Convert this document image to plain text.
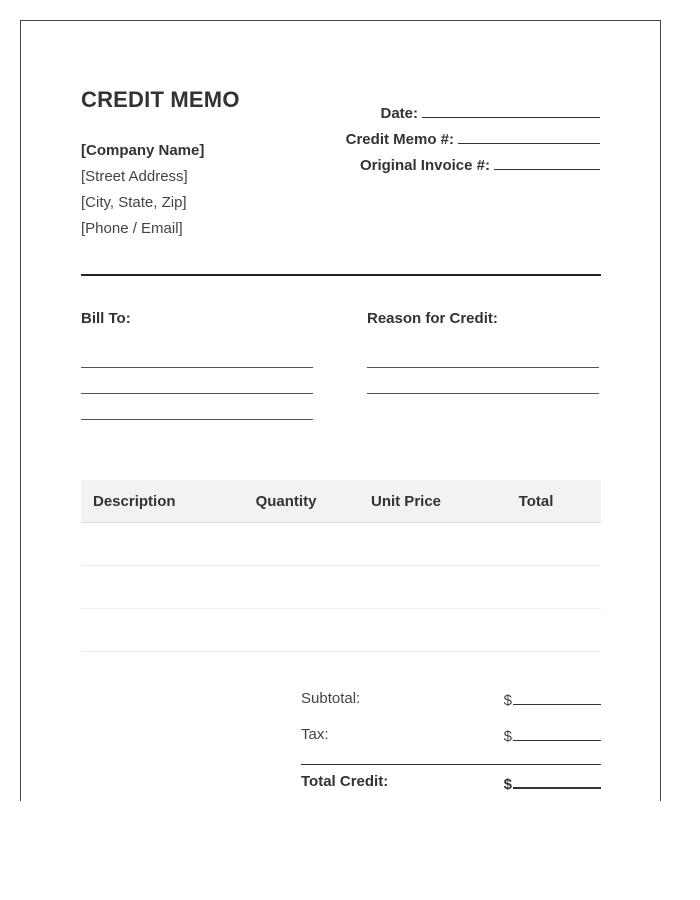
CREDIT MEMO
[Company Name]
[Street Address]
[City, State, Zip]
[Phone / Email]
Date:
Credit Memo #:
Original Invoice #:
Bill To:	Reason for Credit:
Description	Quantity	Unit Price	Total
Subtotal:	$
Tax:	$
Total Credit:	$
